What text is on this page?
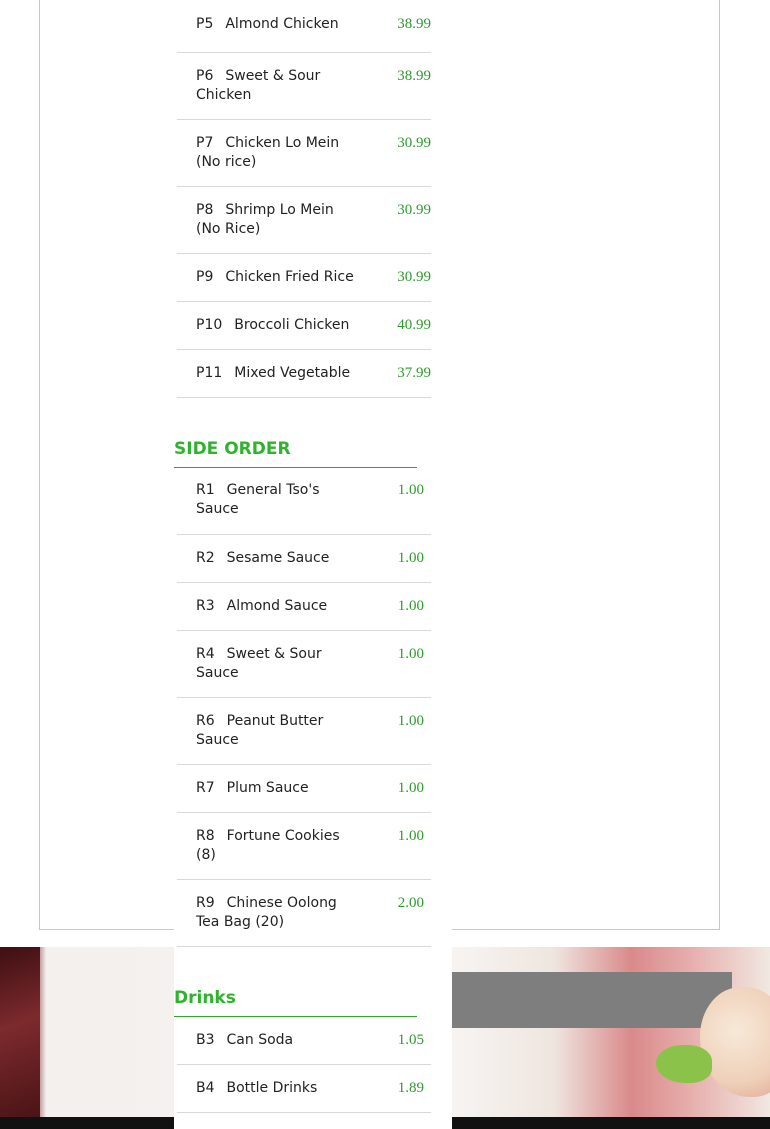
P5 Almond Chicken	38.99
P6 Sweet & Sour Chicken
38.99
P7 Chicken Lo Mein (No rice)
30.99
P8 Shrimp Lo Mein (No Rice)
30.99
P9 Chicken Fried Rice	30.99
P10 Broccoli Chicken	40.99
P11 Mixed Vegetable	37.99
SIDE ORDER
R1 General Tso's Sauce
1.00
R2 Sesame Sauce	1.00
R3 Almond Sauce	1.00
R4 Sweet & Sour Sauce
1.00
R6 Peanut Butter Sauce
1.00
R7 Plum Sauce	1.00
R8 Fortune Cookies (8)
1.00
R9 Chinese Oolong Tea Bag (20)
2.00
Drinks
B3 Can Soda	1.05
B4 Bottle Drinks	1.89
